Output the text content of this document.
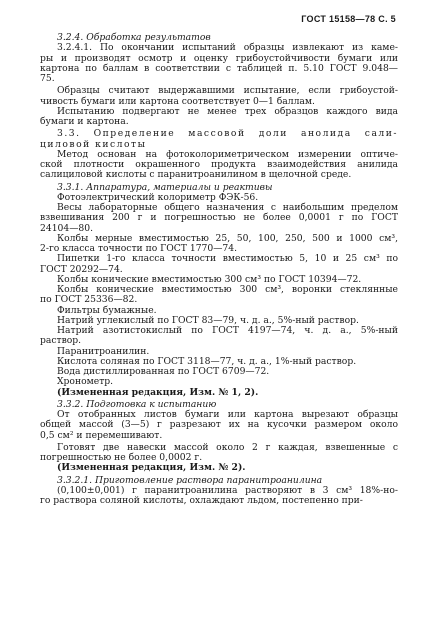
ГОСТ 15158—78 С. 5

3.2.4. Обработка результатов

3.2.4.1. По окончании испытаний образцы извлекают из каме-

ры и производят осмотр и оценку грибоустойчивости бумаги или

картона по баллам в соответствии с таблицей п. 5.10 ГОСТ 9.048—

75.

Образцы считают выдержавшими испытание, если грибоустой-

чивость бумаги или картона соответствует 0—1 баллам.

Испытанию подвергают не менее трех образцов каждого вида

бумаги и картона.

3.3. Определение массовой доли анолида сали-

циловой кислоты

Метод основан на фотоколориметрическом измерении оптиче-

ской плотности окрашенного продукта взаимодействия анилида

салициловой кислоты с паранитроанилином в щелочной среде.

3.3.1. Аппаратура, материалы и реактивы

Фотоэлектрический колориметр ФЭК-56.

Весы лабораторные общего назначения с наибольшим пределом

взвешивания 200 г и погрешностью не более 0,0001 г по ГОСТ

24104—80.

Колбы мерные вместимостью 25, 50, 100, 250, 500 и 1000 см³,

2-го класса точности по ГОСТ 1770—74.

Пипетки 1-го класса точности вместимостью 5, 10 и 25 см³ по

ГОСТ 20292—74.

Колбы конические вместимостью 300 см³ по ГОСТ 10394—72.

Колбы конические вместимостью 300 см³, воронки стеклянные

по ГОСТ 25336—82.

Фильтры бумажные.

Натрий углекислый по ГОСТ 83—79, ч. д. а., 5%-ный раствор.

Натрий азотистокислый по ГОСТ 4197—74, ч. д. а., 5%-ный

раствор.

Паранитроанилин.

Кислота соляная по ГОСТ 3118—77, ч. д. а., 1%-ный раствор.

Вода дистиллированная по ГОСТ 6709—72.

Хронометр.

(Измененная редакция, Изм. № 1, 2).

3.3.2. Подготовка к испытанию

От отобранных листов бумаги или картона вырезают образцы

общей массой (3—5) г разрезают их на кусочки размером около

0,5 см² и перемешивают.

Готовят две навески массой около 2 г каждая, взвешенные с

погрешностью не более 0,0002 г.

(Измененная редакция, Изм. № 2).

3.3.2.1. Приготовление раствора паранитроанилина

(0,100±0,001) г паранитроанилина растворяют в 3 см³ 18%-но-

го раствора соляной кислоты, охлаждают льдом, постепенно при-
